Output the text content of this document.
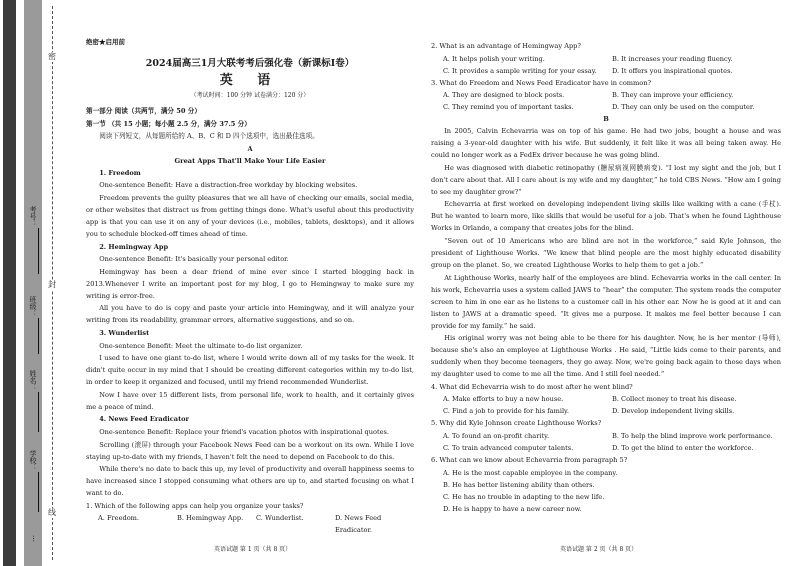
密
封
线
考号：
班级：
姓名：
学校：
⋯
绝密★启用前
2024届高三1月大联考考后强化卷（新课标I卷）
英 语
（考试时间：100 分钟 试卷满分：120 分）
第一部分 阅读（共两节，满分 50 分）
第一节 （共 15 小题；每小题 2.5 分，满分 37.5 分）
阅读下列短文，从每题所给的 A、B、C 和 D 四个选项中，选出最佳选项。
A
Great Apps That'll Make Your Life Easier
1. Freedom
One-sentence Benefit: Have a distraction-free workday by blocking websites.
Freedom prevents the guilty pleasures that we all have of checking our emails, social media, or other websites that distract us from getting things done. What's useful about this productivity app is that you can use it on any of your devices (i.e., mobiles, tablets, desktops), and it allows you to schedule blocked-off times ahead of time.
2. Hemingway App
One-sentence Benefit: It's basically your personal editor.
Hemingway has been a dear friend of mine ever since I started blogging back in 2013.Whenever I write an important post for my blog, I go to Hemingway to make sure my writing is error-free.
All you have to do is copy and paste your article into Hemingway, and it will analyze your writing from its readability, grammar errors, alternative suggestions, and so on.
3. Wunderlist
One-sentence Benefit: Meet the ultimate to-do list organizer.
I used to have one giant to-do list, where I would write down all of my tasks for the week. It didn't quite occur in my mind that I should be creating different categories within my to-do list, in order to keep it organized and focused, until my friend recommended Wunderlist.
Now I have over 15 different lists, from personal life, work to health, and it certainly gives me a peace of mind.
4. News Feed Eradicator
One-sentence Benefit: Replace your friend's vacation photos with inspirational quotes.
Scrolling (滚屏) through your Facebook News Feed can be a workout on its own. While I love staying up-to-date with my friends, I haven't felt the need to depend on Facebook to do this.
While there's no date to back this up, my level of productivity and overall happiness seems to have increased since I stopped consuming what others are up to, and started focusing on what I want to do.
1. Which of the following apps can help you organize your tasks?
A. Freedom.	B. Hemingway App.	C. Wunderlist.	D. News Feed Eradicator.
2. What is an advantage of Hemingway App?
A. It helps polish your writing.	B. It increases your reading fluency.
C. It provides a sample writing for your essay.	D. It offers you inspirational quotes.
3. What do Freedom and News Feed Eradicator have in common?
A. They are designed to block posts.	B. They can improve your efficiency.
C. They remind you of important tasks.	D. They can only be used on the computer.
B
In 2005, Calvin Echevarria was on top of his game. He had two jobs, bought a house and was raising a 3-year-old daughter with his wife. But suddenly, it felt like it was all being taken away. He could no longer work as a FedEx driver because he was going blind.
He was diagnosed with diabetic retinopathy (糖尿病视网膜病变). “I lost my sight and the job, but I don't care about that. All I care about is my wife and my daughter,” he told CBS News. “How am I going to see my daughter grow?”
Echevarria at first worked on developing independent living skills like walking with a cane (手杖). But he wanted to learn more, like skills that would be useful for a job. That's when he found Lighthouse Works in Orlando, a company that creates jobs for the blind.
“Seven out of 10 Americans who are blind are not in the workforce,” said Kyle Johnson, the president of Lighthouse Works. “We knew that blind people are the most highly educated disability group on the planet. So, we created Lighthouse Works to help them to get a job.”
At Lighthouse Works, nearly half of the employees are blind. Echevarria works in the call center. In his work, Echevarria uses a system called JAWS to “hear” the computer. The system reads the computer screen to him in one ear as he listens to a customer call in his other ear. Now he is good at it and can listen to JAWS at a dramatic speed. “It gives me a purpose. It makes me feel better because I can provide for my family.” he said.
His original worry was not being able to be there for his daughter. Now, he is her mentor (导师), because she's also an employee at Lighthouse Works . He said, “Little kids come to their parents, and suddenly when they become teenagers, they go away. Now, we're going back again to those days when my daughter used to come to me all the time. And I still feel needed.”
4. What did Echevarria wish to do most after he went blind?
A. Make efforts to buy a new house.	B. Collect money to treat his disease.
C. Find a job to provide for his family.	D. Develop independent living skills.
5. Why did Kyle Johnson create Lighthouse Works?
A. To found an on-profit charity.	B. To help the blind improve work performance.
C. To train advanced computer talents.	D. To get the blind to enter the workforce.
6. What can we know about Echevarria from paragraph 5?
A. He is the most capable employee in the company.
B. He has better listening ability than others.
C. He has no trouble in adapting to the new life.
D. He is happy to have a new career now.
英语试题 第 1 页（共 8 页）	英语试题 第 2 页（共 8 页）
